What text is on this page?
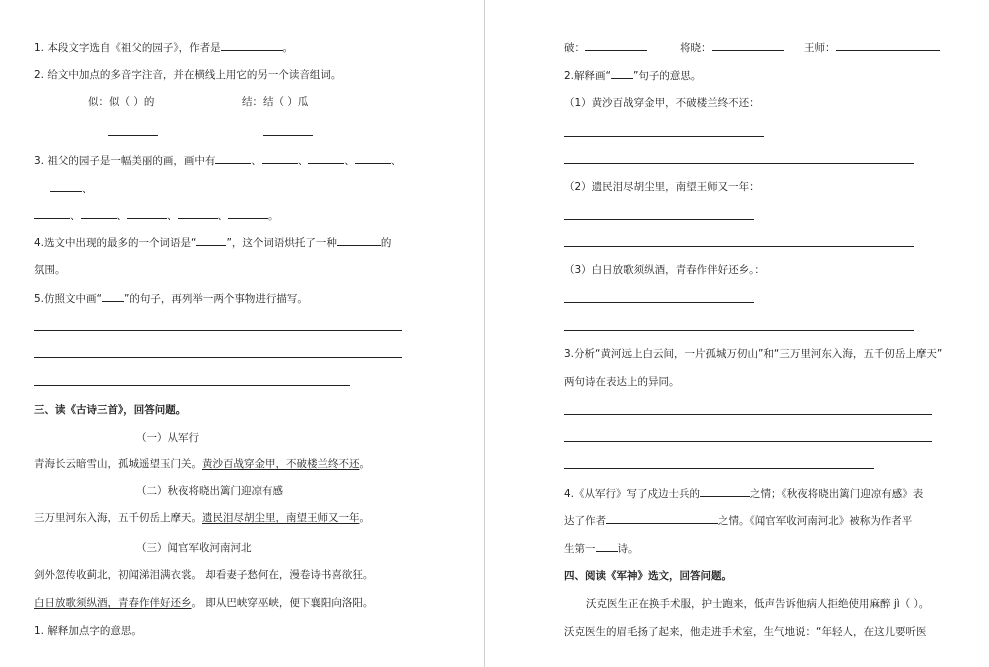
1. 本段文字选自《祖父的园子》，作者是	。
2. 给文中加点的多音字注音，并在横线上用它的另一个读音组词。
似：似（ ）的	结：结（ ）瓜
3. 祖父的园子是一幅美丽的画，画中有	、	、	、	、
、
、	、	、	、	。
4.选文中出现的最多的一个词语是“	”，这个词语烘托了一种	的
氛围。
5.仿照文中画“ ”的句子，再列举一两个事物进行描写。
三、读《古诗三首》，回答问题。
（一）从军行
青海长云暗雪山，孤城遥望玉门关。黄沙百战穿金甲，不破楼兰终不还。
（二）秋夜将晓出篱门迎凉有感
三万里河东入海，五千仞岳上摩天。遗民泪尽胡尘里，南望王师又一年。
（三）闻官军收河南河北
剑外忽传收蓟北，初闻涕泪满衣裳。 却看妻子愁何在，漫卷诗书喜欲狂。
白日放歌须纵酒，青春作伴好还乡。 即从巴峡穿巫峡，便下襄阳向洛阳。
1. 解释加点字的意思。
破：	将晓：	王师：
2.解释画“ ”句子的意思。
（1）黄沙百战穿金甲，不破楼兰终不还：
（2）遗民泪尽胡尘里，南望王师又一年：
（3）白日放歌须纵酒，青春作伴好还乡。：
3.分析“黄河远上白云间，一片孤城万仞山”和“三万里河东入海，五千仞岳上摩天”
两句诗在表达上的异同。
4.《从军行》写了戍边士兵的	之情；《秋夜将晓出篱门迎凉有感》表
达了作者	之情。《闻官军收河南河北》被称为作者平
生第一 诗。
四、阅读《军神》选文，回答问题。
沃克医生正在换手术服，护士跑来，低声告诉他病人拒绝使用麻醉 jì（ ）。
沃克医生的眉毛扬了起来，他走进手术室，生气地说：“年轻人，在这儿要听医
